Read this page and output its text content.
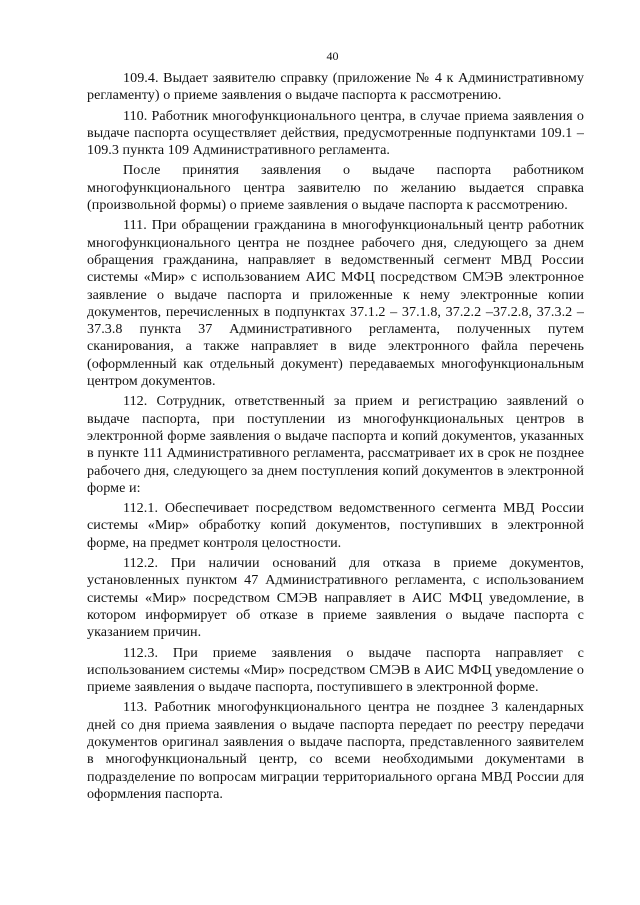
40

109.4. Выдает заявителю справку (приложение № 4 к Административному регламенту) о приеме заявления о выдаче паспорта к рассмотрению.

110. Работник многофункционального центра, в случае приема заявления о выдаче паспорта осуществляет действия, предусмотренные подпунктами 109.1 – 109.3 пункта 109 Административного регламента.

После принятия заявления о выдаче паспорта работником многофункционального центра заявителю по желанию выдается справка (произвольной формы) о приеме заявления о выдаче паспорта к рассмотрению.

111. При обращении гражданина в многофункциональный центр работник многофункционального центра не позднее рабочего дня, следующего за днем обращения гражданина, направляет в ведомственный сегмент МВД России системы «Мир» с использованием АИС МФЦ посредством СМЭВ электронное заявление о выдаче паспорта и приложенные к нему электронные копии документов, перечисленных в подпунктах 37.1.2 – 37.1.8, 37.2.2 –37.2.8, 37.3.2 – 37.3.8 пункта 37 Административного регламента, полученных путем сканирования, а также направляет в виде электронного файла перечень (оформленный как отдельный документ) передаваемых многофункциональным центром документов.

112. Сотрудник, ответственный за прием и регистрацию заявлений о выдаче паспорта, при поступлении из многофункциональных центров в электронной форме заявления о выдаче паспорта и копий документов, указанных в пункте 111 Административного регламента, рассматривает их в срок не позднее рабочего дня, следующего за днем поступления копий документов в электронной форме и:

112.1. Обеспечивает посредством ведомственного сегмента МВД России системы «Мир» обработку копий документов, поступивших в электронной форме, на предмет контроля целостности.

112.2. При наличии оснований для отказа в приеме документов, установленных пунктом 47 Административного регламента, с использованием системы «Мир» посредством СМЭВ направляет в АИС МФЦ уведомление, в котором информирует об отказе в приеме заявления о выдаче паспорта с указанием причин.

112.3. При приеме заявления о выдаче паспорта направляет с использованием системы «Мир» посредством СМЭВ в АИС МФЦ уведомление о приеме заявления о выдаче паспорта, поступившего в электронной форме.

113. Работник многофункционального центра не позднее 3 календарных дней со дня приема заявления о выдаче паспорта передает по реестру передачи документов оригинал заявления о выдаче паспорта, представленного заявителем в многофункциональный центр, со всеми необходимыми документами в подразделение по вопросам миграции территориального органа МВД России для оформления паспорта.
